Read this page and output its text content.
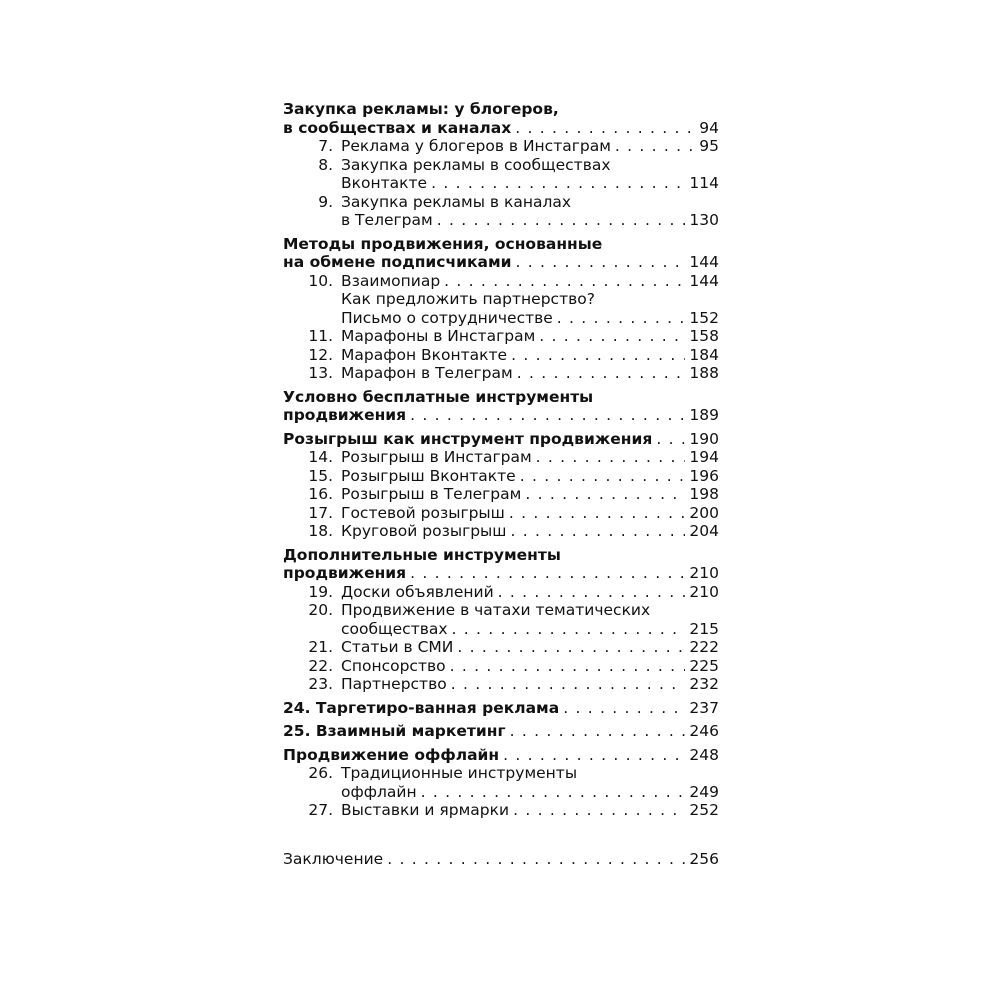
Закупка рекламы: у блогеров,
в сообществах и каналах . . .	94
7. Реклама у блогеров в Инстаграм . . .	95
8. Закупка рекламы в сообществах
Вконтакте . . .	114
9. Закупка рекламы в каналах
в Телеграм . . .	130
Методы продвижения, основанные
на обмене подписчиками . . .	144
10. Взаимопиар . . .	144
Как предложить партнерство?
Письмо о сотрудничестве . . .	152
11. Марафоны в Инстаграм . . .	158
12. Марафон Вконтакте . . .	184
13. Марафон в Телеграм . . .	188
Условно бесплатные инструменты
продвижения . . .	189
Розыгрыш как инструмент продвижения . . . 190
14. Розыгрыш в Инстаграм . . .	194
15. Розыгрыш Вконтакте . . .	196
16. Розыгрыш в Телеграм . . .	198
17. Гостевой розыгрыш . . .	200
18. Круговой розыгрыш . . .	204
Дополнительные инструменты
продвижения . . .	210
19. Доски объявлений . . .	210
20. Продвижение в чатахи тематических
сообществах . . .	215
21. Статьи в СМИ . . .	222
22. Спонсорство . . .	225
23. Партнерство . . .	232
24. Таргетиро-ванная реклама . . .	237
25. Взаимный маркетинг . . .	246
Продвижение оффлайн . . .	248
26. Традиционные инструменты
оффлайн . . .	249
27. Выставки и ярмарки . . .	252
Заключение . . .	256
